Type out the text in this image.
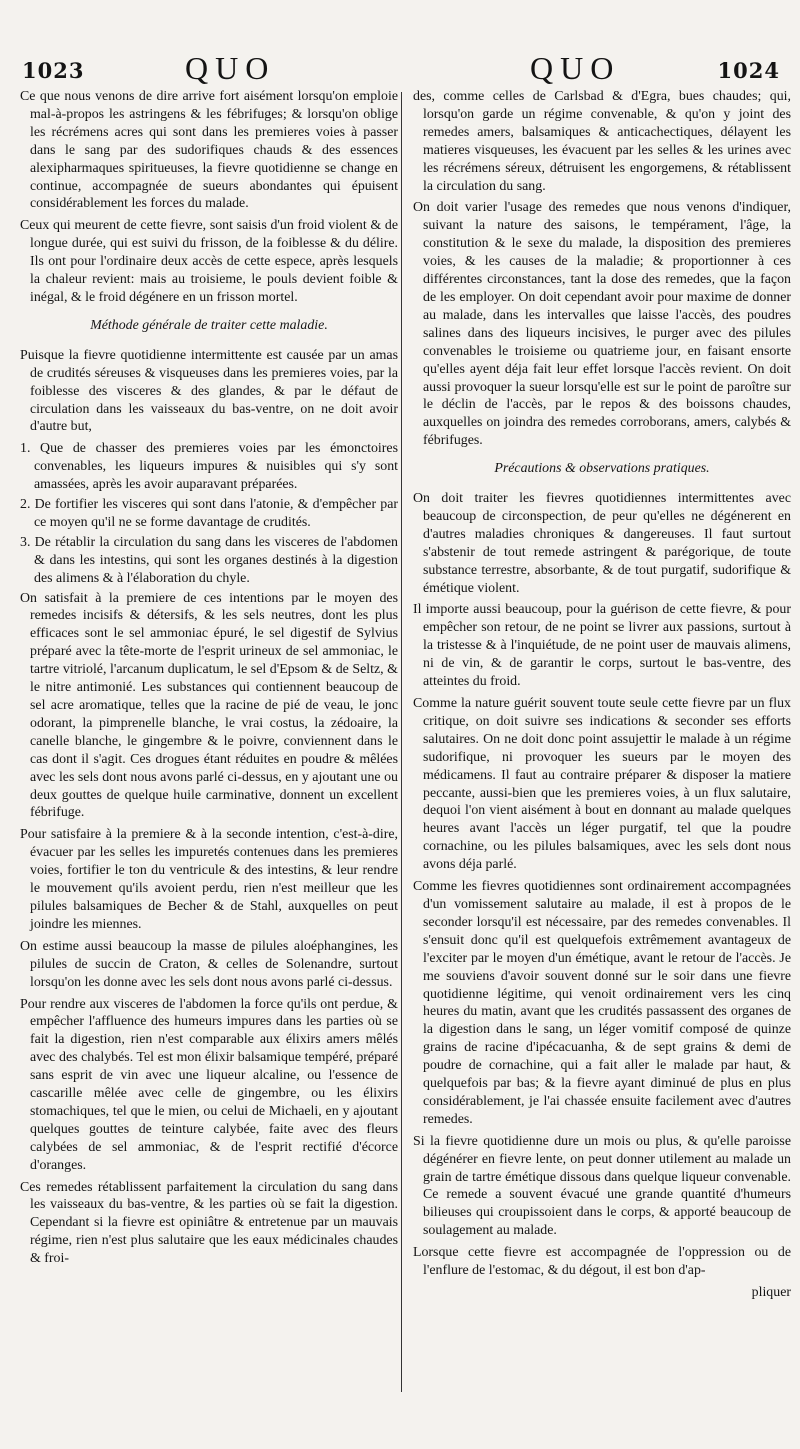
1023	QUO	QUO	1024

Ce que nous venons de dire arrive fort aisément lorsqu'on emploie mal-à-propos les astringens & les fébrifuges; & lorsqu'on oblige les récrémens acres qui sont dans les premieres voies à passer dans le sang par des sudorifiques chauds & des essences alexipharmaques spiritueuses, la fievre quotidienne se change en continue, accompagnée de sueurs abondantes qui épuisent considérablement les forces du malade.

Ceux qui meurent de cette fievre, sont saisis d'un froid violent & de longue durée, qui est suivi du frisson, de la foiblesse & du délire. Ils ont pour l'ordinaire deux accès de cette espece, après lesquels la chaleur revient: mais au troisieme, le pouls devient foible & inégal, & le froid dégénere en un frisson mortel.

Méthode générale de traiter cette maladie.

Puisque la fievre quotidienne intermittente est causée par un amas de crudités séreuses & visqueuses dans les premieres voies, par la foiblesse des visceres & des glandes, & par le défaut de circulation dans les vaisseaux du bas-ventre, on ne doit avoir d'autre but,

1. Que de chasser des premieres voies par les émonctoires convenables, les liqueurs impures & nuisibles qui s'y sont amassées, après les avoir auparavant préparées.

2. De fortifier les visceres qui sont dans l'atonie, & d'empêcher par ce moyen qu'il ne se forme davantage de crudités.

3. De rétablir la circulation du sang dans les visceres de l'abdomen & dans les intestins, qui sont les organes destinés à la digestion des alimens & à l'élaboration du chyle.

On satisfait à la premiere de ces intentions par le moyen des remedes incisifs & détersifs, & les sels neutres, dont les plus efficaces sont le sel ammoniac épuré, le sel digestif de Sylvius préparé avec la tête-morte de l'esprit urineux de sel ammoniac, le tartre vitriolé, l'arcanum duplicatum, le sel d'Epsom & de Seltz, & le nitre antimonié. Les substances qui contiennent beaucoup de sel acre aromatique, telles que la racine de pié de veau, le jonc odorant, la pimprenelle blanche, le vrai costus, la zédoaire, la canelle blanche, le gingembre & le poivre, conviennent dans le cas dont il s'agit. Ces drogues étant réduites en poudre & mêlées avec les sels dont nous avons parlé ci-dessus, en y ajoutant une ou deux gouttes de quelque huile carminative, donnent un excellent fébrifuge.

Pour satisfaire à la premiere & à la seconde intention, c'est-à-dire, évacuer par les selles les impuretés contenues dans les premieres voies, fortifier le ton du ventricule & des intestins, & leur rendre le mouvement qu'ils avoient perdu, rien n'est meilleur que les pilules balsamiques de Becher & de Stahl, auxquelles on peut joindre les miennes.

On estime aussi beaucoup la masse de pilules aloéphangines, les pilules de succin de Craton, & celles de Solenandre, surtout lorsqu'on les donne avec les sels dont nous avons parlé ci-dessus.

Pour rendre aux visceres de l'abdomen la force qu'ils ont perdue, & empêcher l'affluence des humeurs impures dans les parties où se fait la digestion, rien n'est comparable aux élixirs amers mêlés avec des chalybés. Tel est mon élixir balsamique tempéré, préparé sans esprit de vin avec une liqueur alcaline, ou l'essence de cascarille mêlée avec celle de gingembre, ou les élixirs stomachiques, tel que le mien, ou celui de Michaeli, en y ajoutant quelques gouttes de teinture calybée, faite avec des fleurs calybées de sel ammoniac, & de l'esprit rectifié d'écorce d'oranges.

Ces remedes rétablissent parfaitement la circulation du sang dans les vaisseaux du bas-ventre, & les parties où se fait la digestion. Cependant si la fievre est opiniâtre & entretenue par un mauvais régime, rien n'est plus salutaire que les eaux médicinales chaudes & froi-

des, comme celles de Carlsbad & d'Egra, bues chaudes; qui, lorsqu'on garde un régime convenable, & qu'on y joint des remedes amers, balsamiques & anticachectiques, délayent les matieres visqueuses, les évacuent par les selles & les urines avec les récrémens séreux, détruisent les engorgemens, & rétablissent la circulation du sang.

On doit varier l'usage des remedes que nous venons d'indiquer, suivant la nature des saisons, le tempérament, l'âge, la constitution & le sexe du malade, la disposition des premieres voies, & les causes de la maladie; & proportionner à ces différentes circonstances, tant la dose des remedes, que la façon de les employer. On doit cependant avoir pour maxime de donner au malade, dans les intervalles que laisse l'accès, des poudres salines dans des liqueurs incisives, le purger avec des pilules convenables le troisieme ou quatrieme jour, en faisant ensorte qu'elles ayent déja fait leur effet lorsque l'accès revient. On doit aussi provoquer la sueur lorsqu'elle est sur le point de paroître sur le déclin de l'accès, par le repos & des boissons chaudes, auxquelles on joindra des remedes corroborans, amers, calybés & fébrifuges.

Précautions & observations pratiques.

On doit traiter les fievres quotidiennes intermittentes avec beaucoup de circonspection, de peur qu'elles ne dégénerent en d'autres maladies chroniques & dangereuses. Il faut surtout s'abstenir de tout remede astringent & parégorique, de toute substance terrestre, absorbante, & de tout purgatif, sudorifique & émétique violent.

Il importe aussi beaucoup, pour la guérison de cette fievre, & pour empêcher son retour, de ne point se livrer aux passions, surtout à la tristesse & à l'inquiétude, de ne point user de mauvais alimens, ni de vin, & de garantir le corps, surtout le bas-ventre, des atteintes du froid.

Comme la nature guérit souvent toute seule cette fievre par un flux critique, on doit suivre ses indications & seconder ses efforts salutaires. On ne doit donc point assujettir le malade à un régime sudorifique, ni provoquer les sueurs par le moyen des médicamens. Il faut au contraire préparer & disposer la matiere peccante, aussi-bien que les premieres voies, à un flux salutaire, dequoi l'on vient aisément à bout en donnant au malade quelques heures avant l'accès un léger purgatif, tel que la poudre cornachine, ou les pilules balsamiques, avec les sels dont nous avons déja parlé.

Comme les fievres quotidiennes sont ordinairement accompagnées d'un vomissement salutaire au malade, il est à propos de le seconder lorsqu'il est nécessaire, par des remedes convenables. Il s'ensuit donc qu'il est quelquefois extrêmement avantageux de l'exciter par le moyen d'un émétique, avant le retour de l'accès. Je me souviens d'avoir souvent donné sur le soir dans une fievre quotidienne légitime, qui venoit ordinairement vers les cinq heures du matin, avant que les crudités passassent des organes de la digestion dans le sang, un léger vomitif composé de quinze grains de racine d'ipécacuanha, & de sept grains & demi de poudre de cornachine, qui a fait aller le malade par haut, & quelquefois par bas; & la fievre ayant diminué de plus en plus considérablement, je l'ai chassée ensuite facilement avec d'autres remedes.

Si la fievre quotidienne dure un mois ou plus, & qu'elle paroisse dégénérer en fievre lente, on peut donner utilement au malade un grain de tartre émétique dissous dans quelque liqueur convenable. Ce remede a souvent évacué une grande quantité d'humeurs bilieuses qui croupissoient dans le corps, & apporté beaucoup de soulagement au malade.

Lorsque cette fievre est accompagnée de l'oppression ou de l'enflure de l'estomac, & du dégout, il est bon d'ap-

pliquer
